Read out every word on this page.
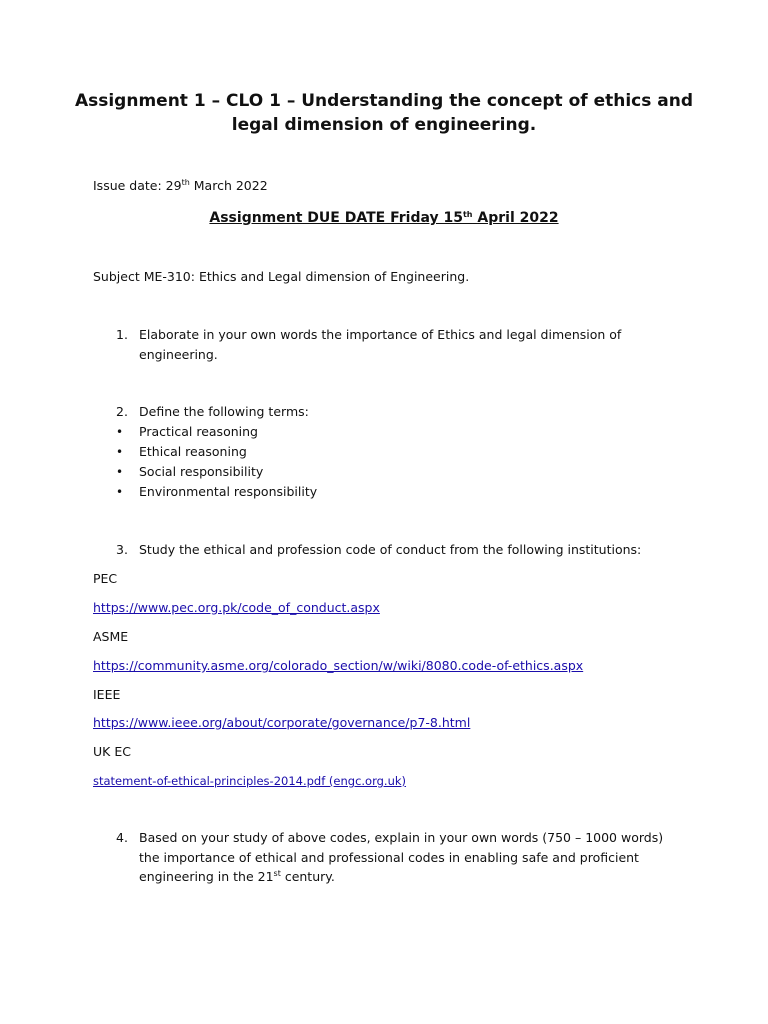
Assignment 1 – CLO 1 – Understanding the concept of ethics and
legal dimension of engineering.
Issue date: 29th March 2022
Assignment DUE DATE Friday 15th April 2022
Subject ME-310: Ethics and Legal dimension of Engineering.
1. Elaborate in your own words the importance of Ethics and legal dimension of
engineering.
2. Define the following terms:
• Practical reasoning
• Ethical reasoning
• Social responsibility
• Environmental responsibility
3. Study the ethical and profession code of conduct from the following institutions:
PEC
https://www.pec.org.pk/code_of_conduct.aspx
ASME
https://community.asme.org/colorado_section/w/wiki/8080.code-of-ethics.aspx
IEEE
https://www.ieee.org/about/corporate/governance/p7-8.html
UK EC
statement-of-ethical-principles-2014.pdf (engc.org.uk)
4. Based on your study of above codes, explain in your own words (750 – 1000 words)
the importance of ethical and professional codes in enabling safe and proficient
engineering in the 21st century.
